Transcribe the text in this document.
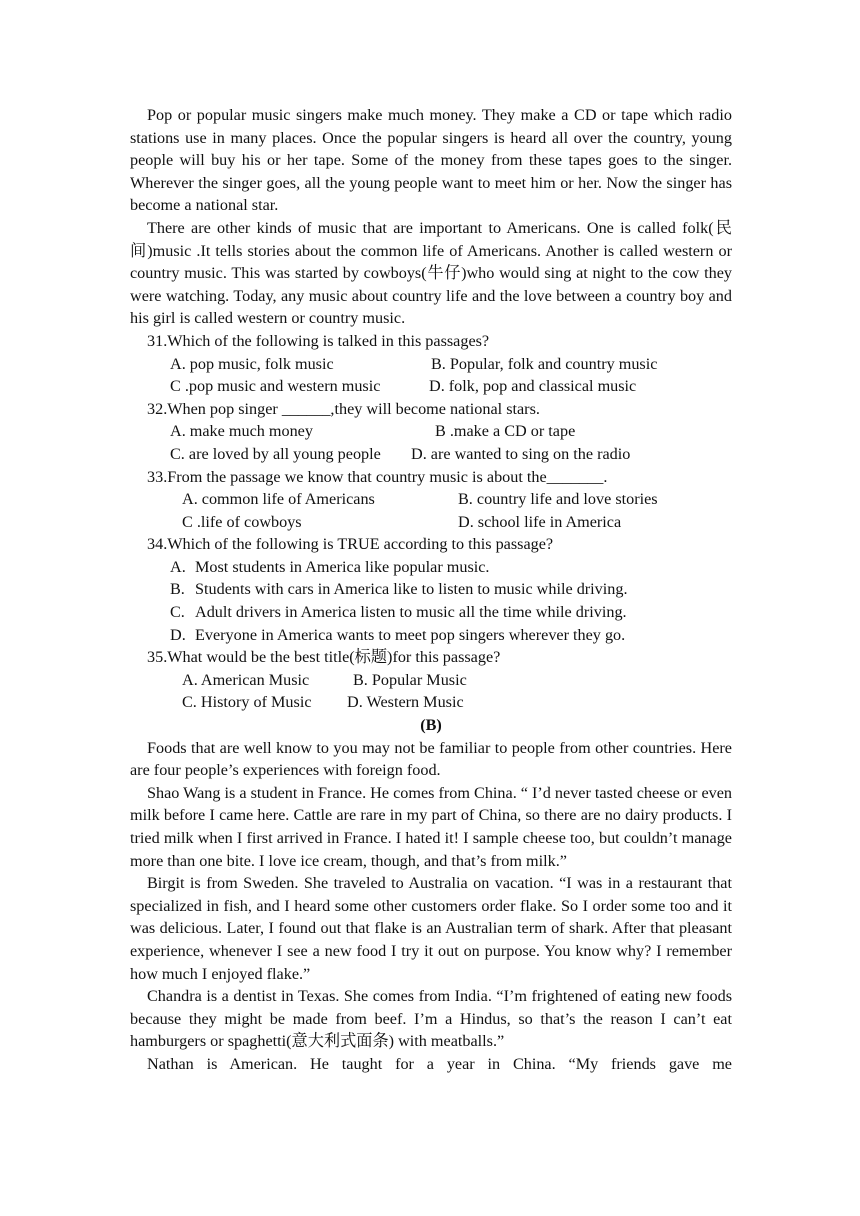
Pop or popular music singers make much money. They make a CD or tape which radio stations use in many places. Once the popular singers is heard all over the country, young people will buy his or her tape. Some of the money from these tapes goes to the singer. Wherever the singer goes, all the young people want to meet him or her. Now the singer has become a national star.

There are other kinds of music that are important to Americans. One is called folk(民间)music .It tells stories about the common life of Americans. Another is called western or country music. This was started by cowboys(牛仔)who would sing at night to the cow they were watching. Today, any music about country life and the love between a country boy and his girl is called western or country music.

31.Which of the following is talked in this passages?

A. pop music, folk music	B. Popular, folk and country music
C .pop music and western music	D. folk, pop and classical music

32.When pop singer ______,they will become national stars.

A. make much money	B .make a CD or tape
C. are loved by all young people	D. are wanted to sing on the radio

33.From the passage we know that country music is about the_______.

A. common life of Americans	B. country life and love stories
C .life of cowboys	D. school life in America

34.Which of the following is TRUE according to this passage?

A. Most students in America like popular music.
B. Students with cars in America like to listen to music while driving.
C. Adult drivers in America listen to music all the time while driving.
D. Everyone in America wants to meet pop singers wherever they go.

35.What would be the best title(标题)for this passage?

A. American Music	B. Popular Music
C. History of Music	D. Western Music

(B)

Foods that are well know to you may not be familiar to people from other countries. Here are four people’s experiences with foreign food.

Shao Wang is a student in France. He comes from China. “ I’d never tasted cheese or even milk before I came here. Cattle are rare in my part of China, so there are no dairy products. I tried milk when I first arrived in France. I hated it! I sample cheese too, but couldn’t manage more than one bite. I love ice cream, though, and that’s from milk.”

Birgit is from Sweden. She traveled to Australia on vacation. “I was in a restaurant that specialized in fish, and I heard some other customers order flake. So I order some too and it was delicious. Later, I found out that flake is an Australian term of shark. After that pleasant experience, whenever I see a new food I try it out on purpose. You know why? I remember how much I enjoyed flake.”

Chandra is a dentist in Texas. She comes from India. “I’m frightened of eating new foods because they might be made from beef. I’m a Hindus, so that’s the reason I can’t eat hamburgers or spaghetti(意大利式面条) with meatballs.”

Nathan is American. He taught for a year in China. “My friends gave me
